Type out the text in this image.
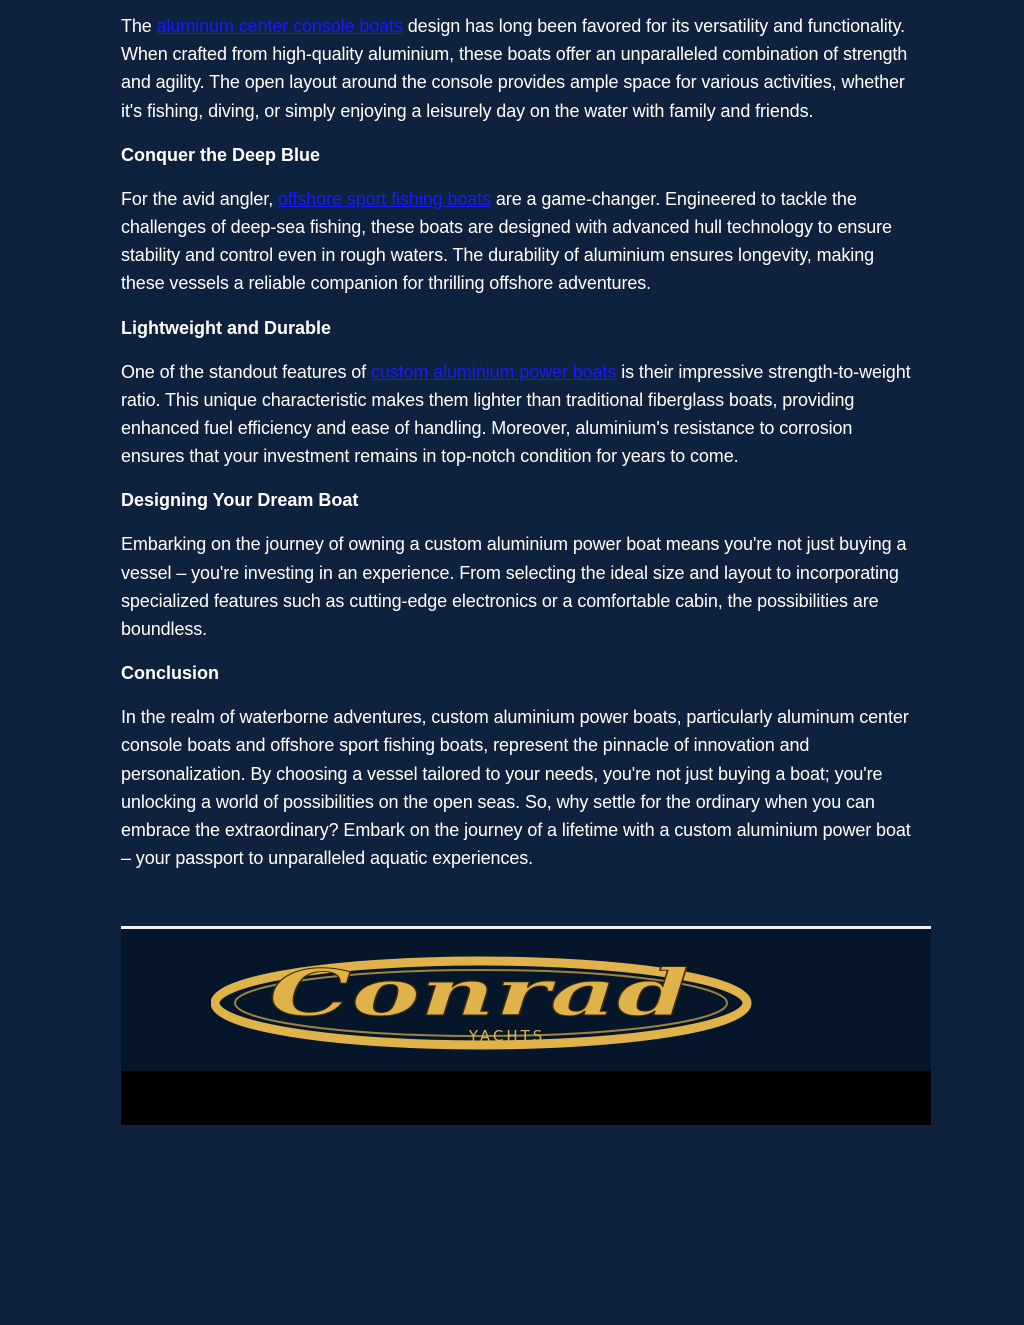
The aluminum center console boats design has long been favored for its versatility and functionality. When crafted from high-quality aluminium, these boats offer an unparalleled combination of strength and agility. The open layout around the console provides ample space for various activities, whether it's fishing, diving, or simply enjoying a leisurely day on the water with family and friends.

Conquer the Deep Blue

For the avid angler, offshore sport fishing boats are a game-changer. Engineered to tackle the challenges of deep-sea fishing, these boats are designed with advanced hull technology to ensure stability and control even in rough waters. The durability of aluminium ensures longevity, making these vessels a reliable companion for thrilling offshore adventures.

Lightweight and Durable

One of the standout features of custom aluminium power boats is their impressive strength-to-weight ratio. This unique characteristic makes them lighter than traditional fiberglass boats, providing enhanced fuel efficiency and ease of handling. Moreover, aluminium's resistance to corrosion ensures that your investment remains in top-notch condition for years to come.

Designing Your Dream Boat

Embarking on the journey of owning a custom aluminium power boat means you're not just buying a vessel – you're investing in an experience. From selecting the ideal size and layout to incorporating specialized features such as cutting-edge electronics or a comfortable cabin, the possibilities are boundless.

Conclusion

In the realm of waterborne adventures, custom aluminium power boats, particularly aluminum center console boats and offshore sport fishing boats, represent the pinnacle of innovation and personalization. By choosing a vessel tailored to your needs, you're not just buying a boat; you're unlocking a world of possibilities on the open seas. So, why settle for the ordinary when you can embrace the extraordinary? Embark on the journey of a lifetime with a custom aluminium power boat – your passport to unparalleled aquatic experiences.

Conrad
YACHTS.
